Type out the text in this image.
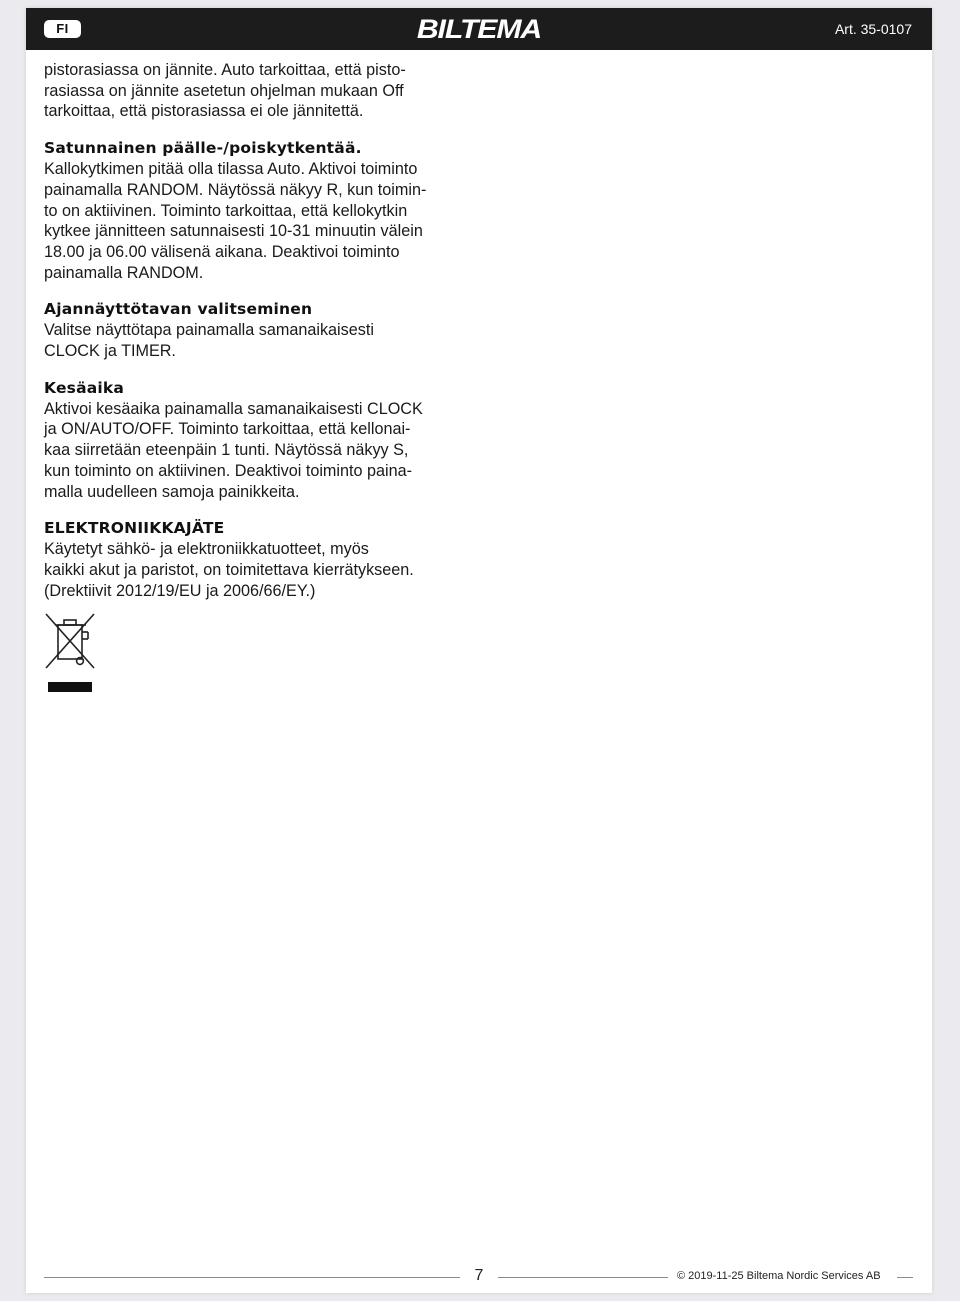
FI	BILTEMA	Art. 35-0107

pistorasiassa on jännite. Auto tarkoittaa, että pisto-

rasiassa on jännite asetetun ohjelman mukaan Off

tarkoittaa, että pistorasiassa ei ole jännitettä.

Satunnainen päälle-/poiskytkentää.

Kallokytkimen pitää olla tilassa Auto. Aktivoi toiminto

painamalla RANDOM. Näytössä näkyy R, kun toimin-

to on aktiivinen. Toiminto tarkoittaa, että kellokytkin

kytkee jännitteen satunnaisesti 10-31 minuutin välein

18.00 ja 06.00 välisenä aikana. Deaktivoi toiminto

painamalla RANDOM.

Ajannäyttötavan valitseminen

Valitse näyttötapa painamalla samanaikaisesti

CLOCK ja TIMER.

Kesäaika

Aktivoi kesäaika painamalla samanaikaisesti CLOCK

ja ON/AUTO/OFF. Toiminto tarkoittaa, että kellonai-

kaa siirretään eteenpäin 1 tunti. Näytössä näkyy S,

kun toiminto on aktiivinen. Deaktivoi toiminto paina-

malla uudelleen samoja painikkeita.

ELEKTRONIIKKAJÄTE

Käytetyt sähkö- ja elektroniikkatuotteet, myös

kaikki akut ja paristot, on toimitettava kierrätykseen.

(Drektiivit 2012/19/EU ja 2006/66/EY.)

7	© 2019-11-25 Biltema Nordic Services AB
